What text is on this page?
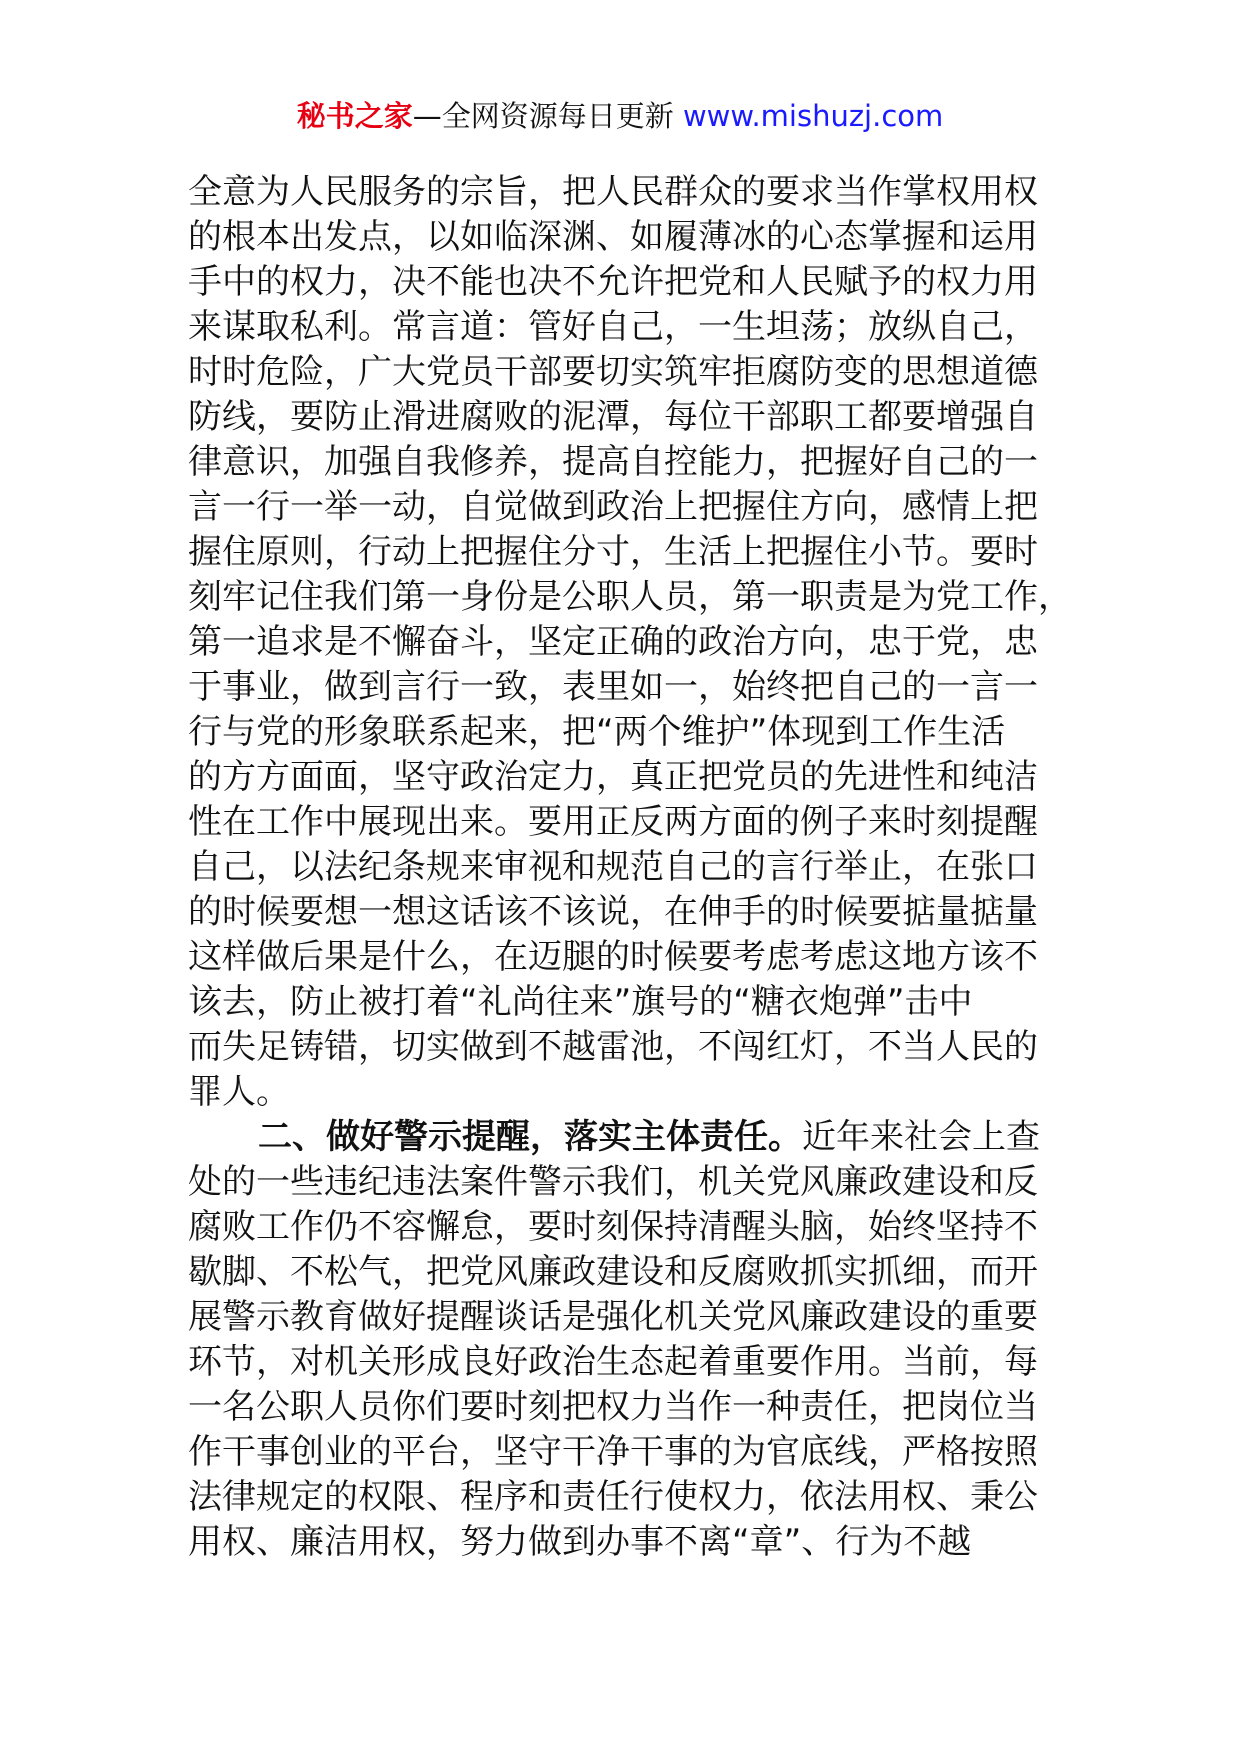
秘书之家—全网资源每日更新 www.mishuzj.com
全意为人民服务的宗旨，把人民群众的要求当作掌权用权
的根本出发点，以如临深渊、如履薄冰的心态掌握和运用
手中的权力，决不能也决不允许把党和人民赋予的权力用
来谋取私利。常言道：管好自己，一生坦荡；放纵自己，
时时危险，广大党员干部要切实筑牢拒腐防变的思想道德
防线，要防止滑进腐败的泥潭，每位干部职工都要增强自
律意识，加强自我修养，提高自控能力，把握好自己的一
言一行一举一动，自觉做到政治上把握住方向，感情上把
握住原则，行动上把握住分寸，生活上把握住小节。要时
刻牢记住我们第一身份是公职人员，第一职责是为党工作，
第一追求是不懈奋斗，坚定正确的政治方向，忠于党，忠
于事业，做到言行一致，表里如一，始终把自己的一言一
行与党的形象联系起来，把“两个维护”体现到工作生活
的方方面面，坚守政治定力，真正把党员的先进性和纯洁
性在工作中展现出来。要用正反两方面的例子来时刻提醒
自己，以法纪条规来审视和规范自己的言行举止，在张口
的时候要想一想这话该不该说，在伸手的时候要掂量掂量
这样做后果是什么，在迈腿的时候要考虑考虑这地方该不
该去，防止被打着“礼尚往来”旗号的“糖衣炮弹”击中
而失足铸错，切实做到不越雷池，不闯红灯，不当人民的
罪人。
二、做好警示提醒，落实主体责任。近年来社会上查
处的一些违纪违法案件警示我们，机关党风廉政建设和反
腐败工作仍不容懈怠，要时刻保持清醒头脑，始终坚持不
歇脚、不松气，把党风廉政建设和反腐败抓实抓细，而开
展警示教育做好提醒谈话是强化机关党风廉政建设的重要
环节，对机关形成良好政治生态起着重要作用。当前，每
一名公职人员你们要时刻把权力当作一种责任，把岗位当
作干事创业的平台，坚守干净干事的为官底线，严格按照
法律规定的权限、程序和责任行使权力，依法用权、秉公
用权、廉洁用权，努力做到办事不离“章”、行为不越
